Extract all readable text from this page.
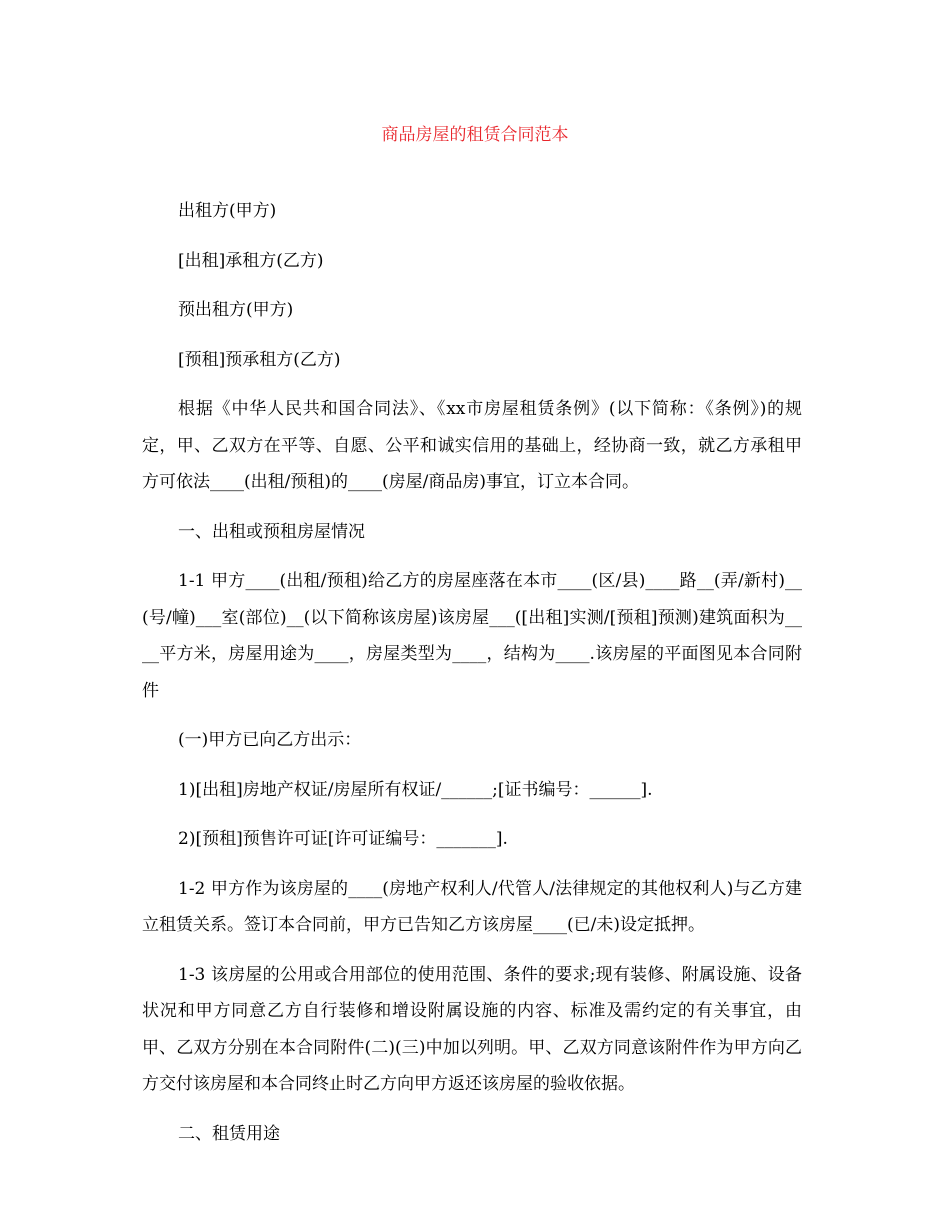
商品房屋的租赁合同范本

出租方(甲方)

[出租]承租方(乙方)

预出租方(甲方)

[预租]预承租方(乙方)

根据《中华人民共和国合同法》、《xx市房屋租赁条例》(以下简称：《条例》)的规定，甲、乙双方在平等、自愿、公平和诚实信用的基础上，经协商一致，就乙方承租甲方可依法____(出租/预租)的____(房屋/商品房)事宜，订立本合同。

一、出租或预租房屋情况

1-1 甲方____(出租/预租)给乙方的房屋座落在本市____(区/县)____路__(弄/新村)__(号/幢)___室(部位)__(以下简称该房屋)该房屋___([出租]实测/[预租]预测)建筑面积为____平方米，房屋用途为____，房屋类型为____，结构为____.该房屋的平面图见本合同附件

(一)甲方已向乙方出示：

1)[出租]房地产权证/房屋所有权证/______;[证书编号：______].

2)[预租]预售许可证[许可证编号：_______].

1-2 甲方作为该房屋的____(房地产权利人/代管人/法律规定的其他权利人)与乙方建立租赁关系。签订本合同前，甲方已告知乙方该房屋____(已/未)设定抵押。

1-3 该房屋的公用或合用部位的使用范围、条件的要求;现有装修、附属设施、设备状况和甲方同意乙方自行装修和增设附属设施的内容、标准及需约定的有关事宜，由甲、乙双方分别在本合同附件(二)(三)中加以列明。甲、乙双方同意该附件作为甲方向乙方交付该房屋和本合同终止时乙方向甲方返还该房屋的验收依据。

二、租赁用途
